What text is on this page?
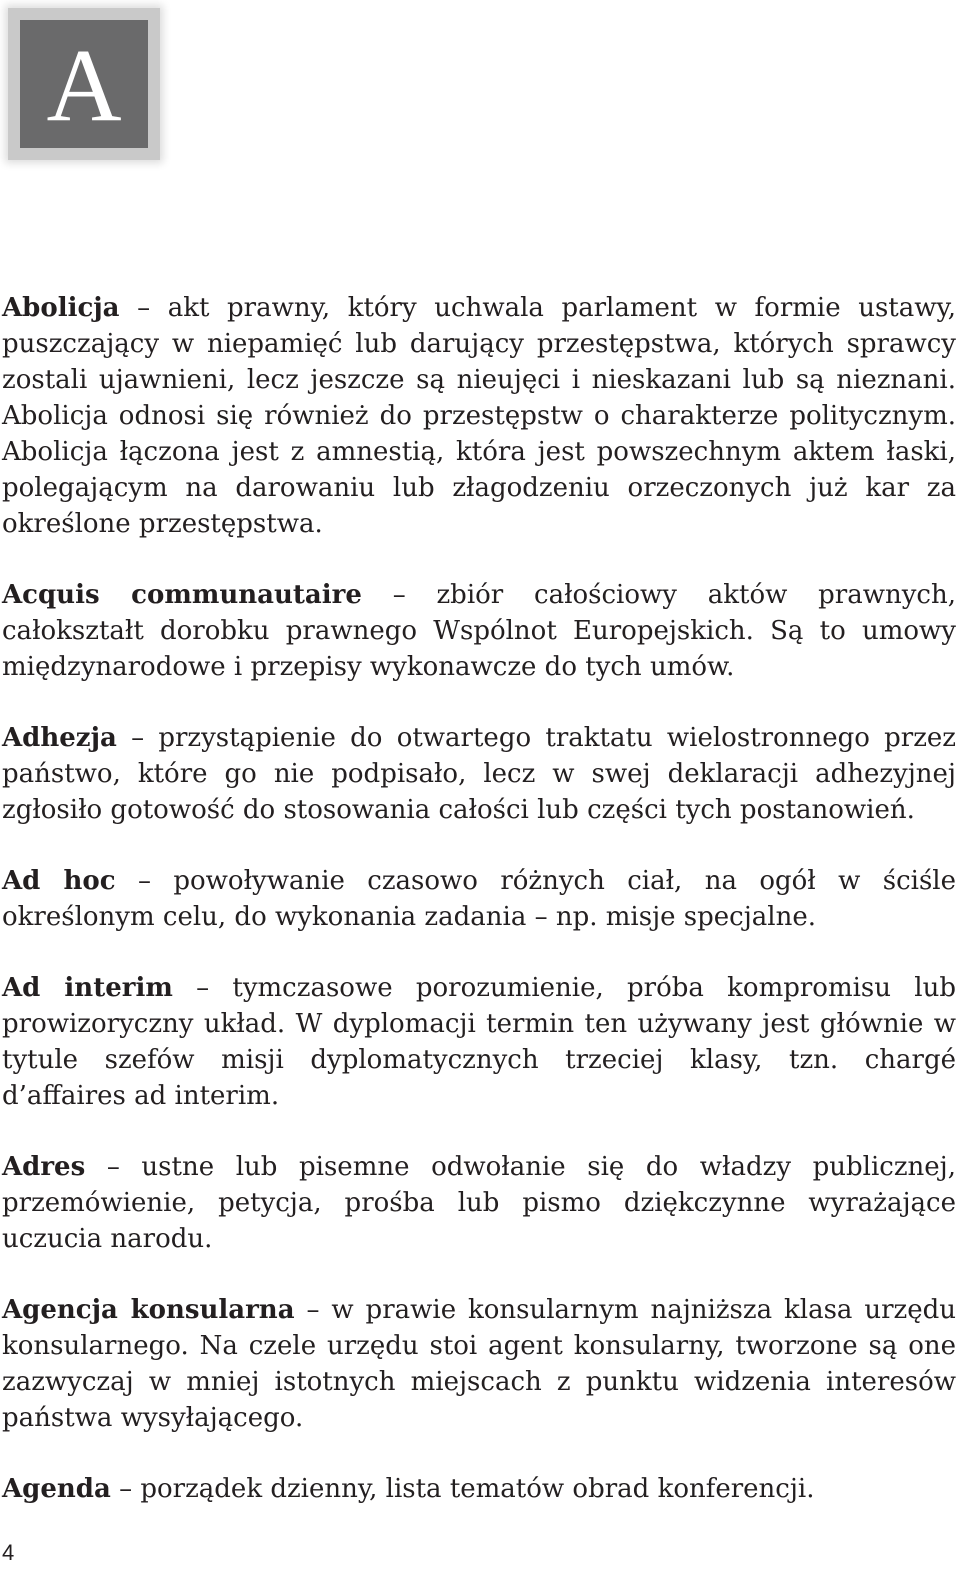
A

Abolicja – akt prawny, który uchwala parlament w formie ustawy, puszczający w niepamięć lub darujący przestępstwa, których sprawcy zostali ujawnieni, lecz jeszcze są nieujęci i nieskazani lub są nieznani. Abolicja odnosi się również do przestępstw o charakterze politycznym. Abolicja łączona jest z amnestią, która jest powszechnym aktem łaski, polegającym na darowaniu lub złagodzeniu orzeczonych już kar za określone przestępstwa.

Acquis communautaire – zbiór całościowy aktów prawnych, całokształt dorobku prawnego Wspólnot Europejskich. Są to umowy międzynarodowe i przepisy wykonawcze do tych umów.

Adhezja – przystąpienie do otwartego traktatu wielostronnego przez państwo, które go nie podpisało, lecz w swej deklaracji adhezyjnej zgłosiło gotowość do stosowania całości lub części tych postanowień.

Ad hoc – powoływanie czasowo różnych ciał, na ogół w ściśle określonym celu, do wykonania zadania – np. misje specjalne.

Ad interim – tymczasowe porozumienie, próba kompromisu lub prowizoryczny układ. W dyplomacji termin ten używany jest głównie w tytule szefów misji dyplomatycznych trzeciej klasy, tzn. chargé d’affaires ad interim.

Adres – ustne lub pisemne odwołanie się do władzy publicznej, przemówienie, petycja, prośba lub pismo dziękczynne wyrażające uczucia narodu.

Agencja konsularna – w prawie konsularnym najniższa klasa urzędu konsularnego. Na czele urzędu stoi agent konsularny, tworzone są one zazwyczaj w mniej istotnych miejscach z punktu widzenia interesów państwa wysyłającego.

Agenda – porządek dzienny, lista tematów obrad konferencji.

4
